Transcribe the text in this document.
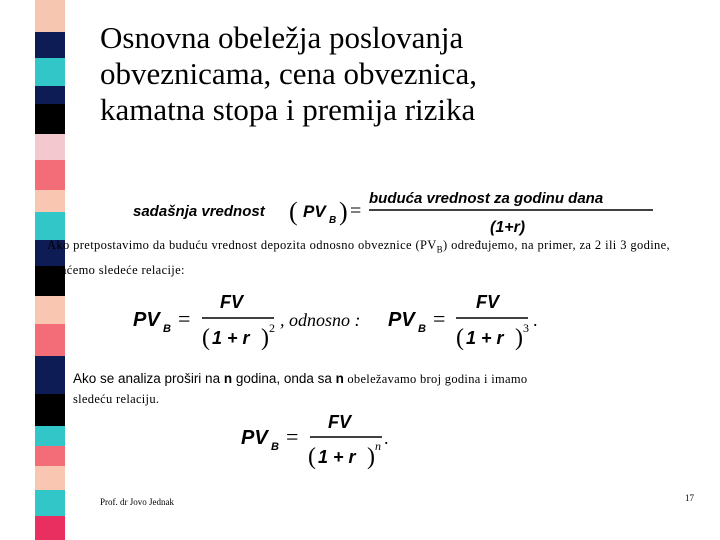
Osnovna obeležja poslovanja
obveznicama, cena obveznica,
kamatna stopa i premija rizika
sadašnja vrednost ( PV B ) =
buduća vrednost za godinu dana
(1+r)
Ako pretpostavimo da buduću vrednost depozita odnosno obveznice $(PV_B)$ određujemo, na primer, za 2 ili 3 godine, imaćemo sledeće relacije:
PV B =
FV
( 1 + r ) 2 , odnosno : PV B =
FV
( 1 + r ) 3 .
Ako se analiza proširi na n godina, onda sa n obeležavamo broj godina i imamo
sledeću relaciju.
PV B =
FV
( 1 + r ) n .
Prof. dr Jovo Jednak	17
